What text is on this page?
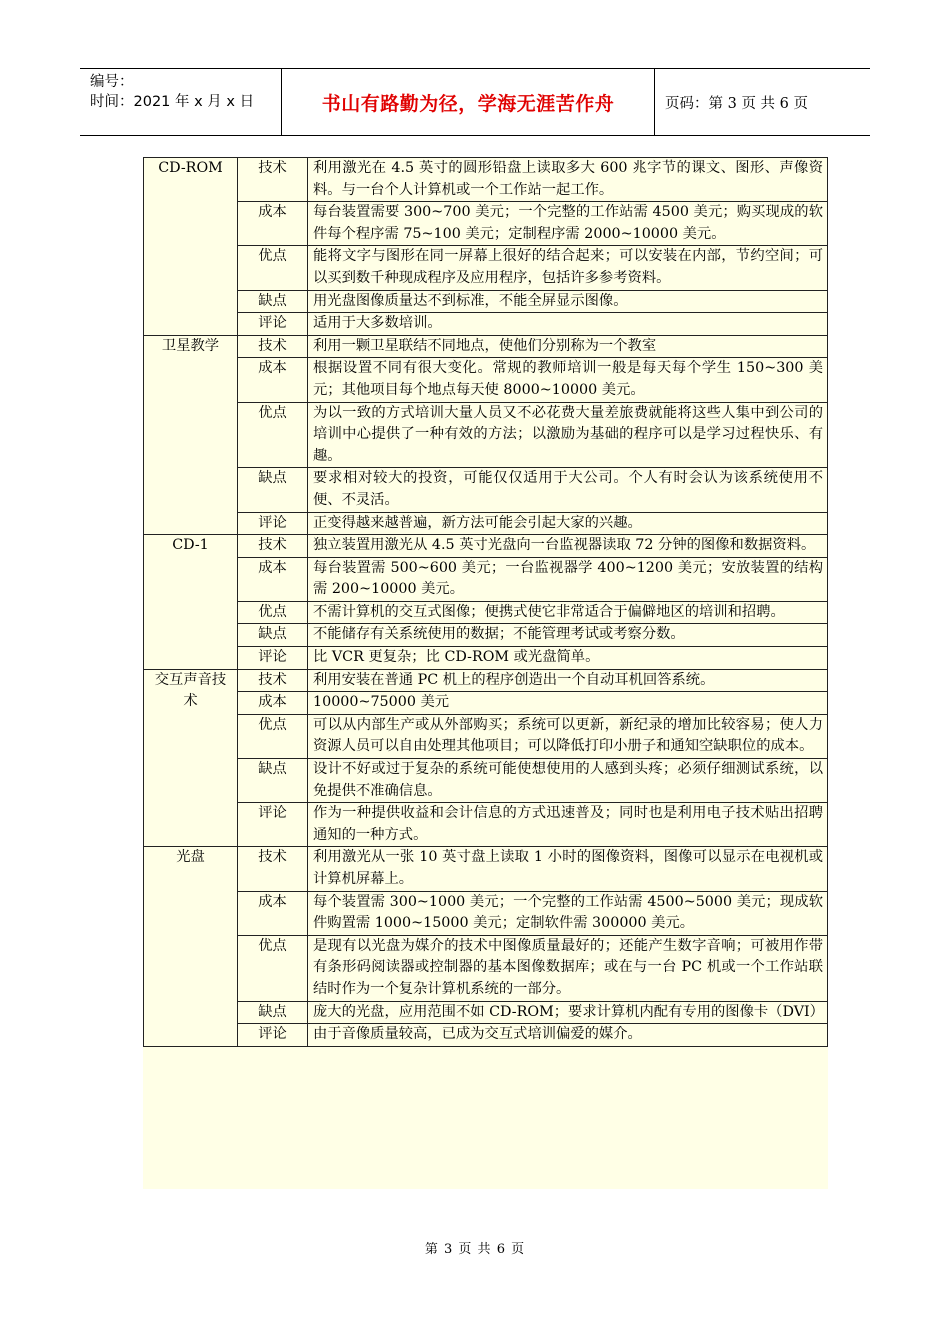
编号：
时间：2021 年 x 月 x 日	书山有路勤为径，学海无涯苦作舟	页码：第 3 页 共 6 页
CD-ROM	技术	利用激光在 4.5 英寸的圆形铅盘上读取多大 600 兆字节的课文、图形、声像资料。与一台个人计算机或一个工作站一起工作。
	成本	每台装置需要 300~700 美元；一个完整的工作站需 4500 美元；购买现成的软件每个程序需 75~100 美元；定制程序需 2000~10000 美元。
	优点	能将文字与图形在同一屏幕上很好的结合起来；可以安装在内部，节约空间；可以买到数千种现成程序及应用程序，包括许多参考资料。
	缺点	用光盘图像质量达不到标准，不能全屏显示图像。
	评论	适用于大多数培训。
卫星教学	技术	利用一颗卫星联结不同地点，使他们分别称为一个教室
	成本	根据设置不同有很大变化。常规的教师培训一般是每天每个学生 150~300 美元；其他项目每个地点每天使 8000~10000 美元。
	优点	为以一致的方式培训大量人员又不必花费大量差旅费就能将这些人集中到公司的培训中心提供了一种有效的方法；以激励为基础的程序可以是学习过程快乐、有趣。
	缺点	要求相对较大的投资，可能仅仅适用于大公司。个人有时会认为该系统使用不便、不灵活。
	评论	正变得越来越普遍，新方法可能会引起大家的兴趣。
CD-1	技术	独立装置用激光从 4.5 英寸光盘向一台监视器读取 72 分钟的图像和数据资料。
	成本	每台装置需 500~600 美元；一台监视器学 400~1200 美元；安放装置的结构需 200~10000 美元。
	优点	不需计算机的交互式图像；便携式使它非常适合于偏僻地区的培训和招聘。
	缺点	不能储存有关系统使用的数据；不能管理考试或考察分数。
	评论	比 VCR 更复杂；比 CD-ROM 或光盘简单。
交互声音技术	技术	利用安装在普通 PC 机上的程序创造出一个自动耳机回答系统。
	成本	10000~75000 美元
	优点	可以从内部生产或从外部购买；系统可以更新，新纪录的增加比较容易；使人力资源人员可以自由处理其他项目；可以降低打印小册子和通知空缺职位的成本。
	缺点	设计不好或过于复杂的系统可能使想使用的人感到头疼；必须仔细测试系统，以免提供不准确信息。
	评论	作为一种提供收益和会计信息的方式迅速普及；同时也是利用电子技术贴出招聘通知的一种方式。
光盘	技术	利用激光从一张 10 英寸盘上读取 1 小时的图像资料，图像可以显示在电视机或计算机屏幕上。
	成本	每个装置需 300~1000 美元；一个完整的工作站需 4500~5000 美元；现成软件购置需 1000~15000 美元；定制软件需 300000 美元。
	优点	是现有以光盘为媒介的技术中图像质量最好的；还能产生数字音响；可被用作带有条形码阅读器或控制器的基本图像数据库；或在与一台 PC 机或一个工作站联结时作为一个复杂计算机系统的一部分。
	缺点	庞大的光盘，应用范围不如 CD-ROM；要求计算机内配有专用的图像卡（DVI）
	评论	由于音像质量较高，已成为交互式培训偏爱的媒介。
第 3 页 共 6 页
